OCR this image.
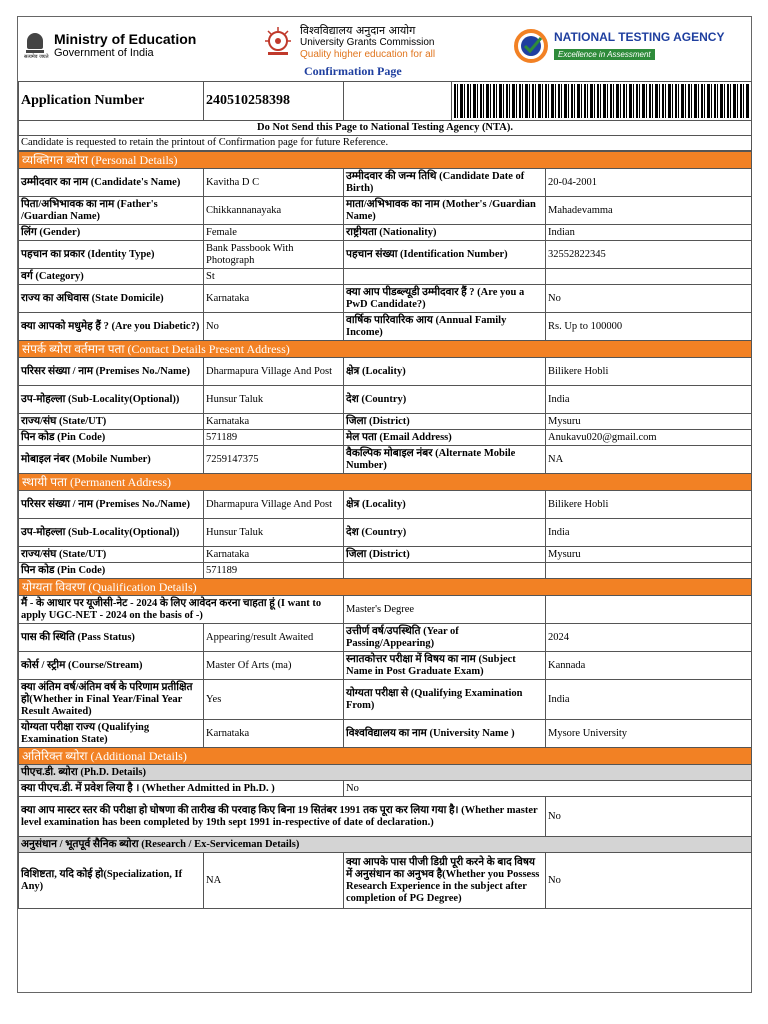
सत्यमेव जयते
Ministry of Education
Government of India
विश्वविद्यालय अनुदान आयोग
University Grants Commission
Quality higher education for all
Confirmation Page
NATIONAL TESTING AGENCY
Excellence in Assessment
Application Number	240510258398		

Do Not Send this Page to National Testing Agency (NTA).
Candidate is requested to retain the printout of Confirmation page for future Reference.
व्यक्तिगत ब्योरा (Personal Details)			
उम्मीदवार का नाम (Candidate's Name)	Kavitha D C	उम्मीदवार की जन्म तिथि (Candidate Date of Birth)	20-04-2001
पिता/अभिभावक का नाम (Father's /Guardian Name)	Chikkannanayaka	माता/अभिभावक का नाम (Mother's /Guardian Name)	Mahadevamma
लिंग (Gender)	Female	राष्ट्रीयता (Nationality)	Indian
पहचान का प्रकार (Identity Type)	Bank Passbook With Photograph	पहचान संख्या (Identification Number)	32552822345
वर्ग (Category)	St		
राज्य का अधिवास (State Domicile)	Karnataka	क्या आप पीडब्ल्यूडी उम्मीदवार हैं ? (Are you a PwD Candidate?)	No
क्या आपको मधुमेह हैं ? (Are you Diabetic?)	No	वार्षिक पारिवारिक आय (Annual Family Income)	Rs. Up to 100000
संपर्क ब्योरा वर्तमान पता (Contact Details Present Address)			
परिसर संख्या / नाम (Premises No./Name)	Dharmapura Village And Post	क्षेत्र (Locality)	Bilikere Hobli
उप-मोहल्ला (Sub-Locality(Optional))	Hunsur Taluk	देश (Country)	India
राज्य/संघ (State/UT)	Karnataka	जिला (District)	Mysuru
पिन कोड (Pin Code)	571189	मेल पता (Email Address)	Anukavu020@gmail.com
मोबाइल नंबर (Mobile Number)	7259147375	वैकल्पिक मोबाइल नंबर (Alternate Mobile Number)	NA
स्थायी पता (Permanent Address)			
परिसर संख्या / नाम (Premises No./Name)	Dharmapura Village And Post	क्षेत्र (Locality)	Bilikere Hobli
उप-मोहल्ला (Sub-Locality(Optional))	Hunsur Taluk	देश (Country)	India
राज्य/संघ (State/UT)	Karnataka	जिला (District)	Mysuru
पिन कोड (Pin Code)	571189		
योग्यता विवरण (Qualification Details)			
मैं - के आधार पर यूजीसी-नेट - 2024 के लिए आवेदन करना चाहता हूं (I want to apply UGC-NET - 2024 on the basis of -)		Master's Degree	
पास की स्थिति (Pass Status)	Appearing/result Awaited	उत्तीर्ण वर्ष/उपस्थिति (Year of Passing/Appearing)	2024
कोर्स / स्ट्रीम (Course/Stream)	Master Of Arts (ma)	स्नातकोत्तर परीक्षा में विषय का नाम (Subject Name in Post Graduate Exam)	Kannada
क्या अंतिम वर्ष/अंतिम वर्ष के परिणाम प्रतीक्षित हो(Whether in Final Year/Final Year Result Awaited)	Yes	योग्यता परीक्षा से (Qualifying Examination From)	India
योग्यता परीक्षा राज्य (Qualifying Examination State)	Karnataka	विश्वविद्यालय का नाम (University Name )	Mysore University
अतिरिक्त ब्योरा (Additional Details)			
पीएच.डी. ब्योरा (Ph.D. Details)			
क्या पीएच.डी. में प्रवेश लिया है । (Whether Admitted in Ph.D. )		No	
क्या आप मास्टर स्तर की परीक्षा हो घोषणा की तारीख की परवाह किए बिना 19 सितंबर 1991 तक पूरा कर लिया गया है। (Whether master level examination has been completed by 19th sept 1991 in-respective of date of declaration.)			No
अनुसंधान / भूतपूर्व सैनिक ब्योरा (Research / Ex-Serviceman Details)			
विशिष्टता, यदि कोई हो(Specialization, If Any)	NA	क्या आपके पास पीजी डिग्री पूरी करने के बाद विषय में अनुसंधान का अनुभव है(Whether you Possess Research Experience in the subject after completion of PG Degree)	No
